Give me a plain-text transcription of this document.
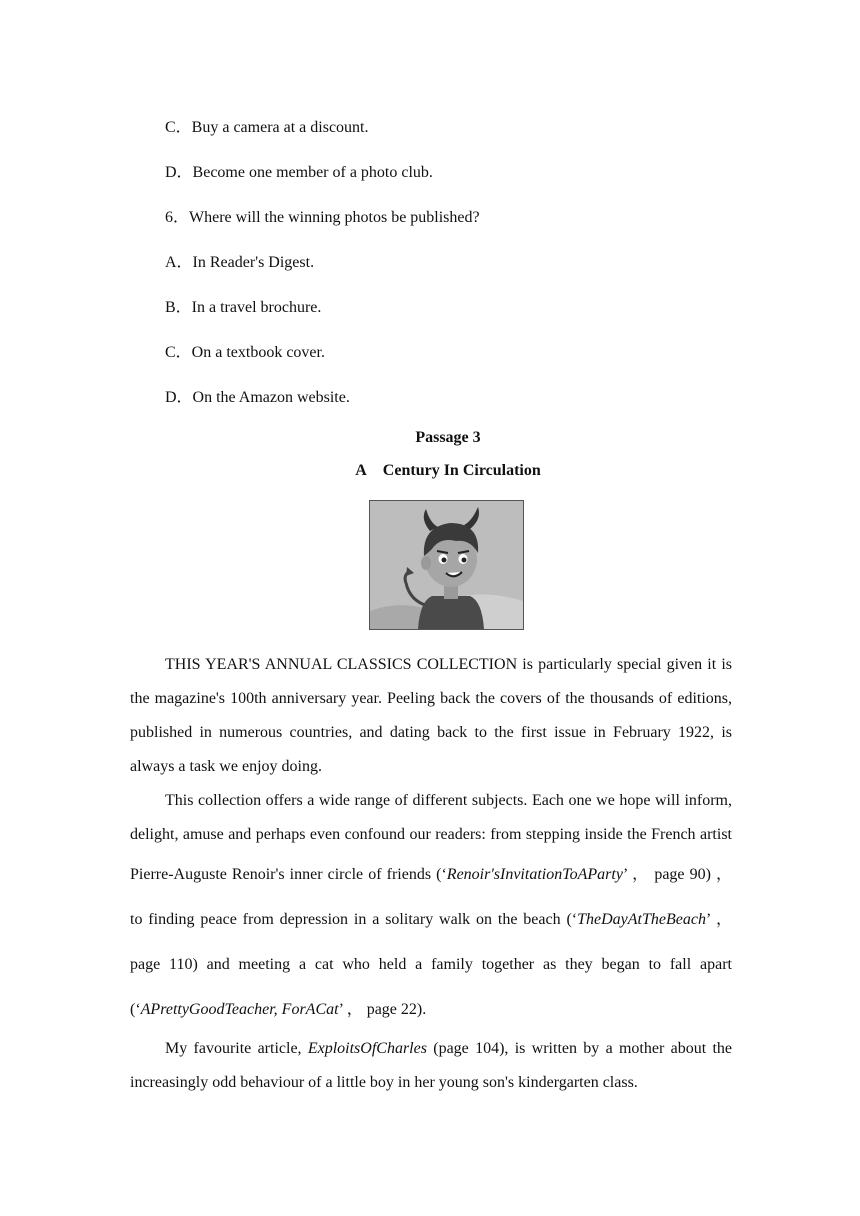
C．Buy a camera at a discount.

D．Become one member of a photo club.

6．Where will the winning photos be published?

A．In Reader's Digest.

B．In a travel brochure.

C．On a textbook cover.

D．On the Amazon website.

Passage 3

A Century In Circulation

THIS YEAR'S ANNUAL CLASSICS COLLECTION is particularly special given it is the magazine's 100th anniversary year. Peeling back the covers of the thousands of editions, published in numerous countries, and dating back to the first issue in February 1922, is always a task we enjoy doing.

This collection offers a wide range of different subjects. Each one we hope will inform, delight, amuse and perhaps even confound our readers: from stepping inside the French artist Pierre-Auguste Renoir's inner circle of friends (‘Renoir'sInvitationToAParty’ ， page 90) ，to finding peace from depression in a solitary walk on the beach (‘TheDayAtTheBeach’ ， page 110) and meeting a cat who held a family together as they began to fall apart (‘APrettyGoodTeacher, ForACat’ ， page 22).

My favourite article, ExploitsOfCharles (page 104), is written by a mother about the increasingly odd behaviour of a little boy in her young son's kindergarten class.
